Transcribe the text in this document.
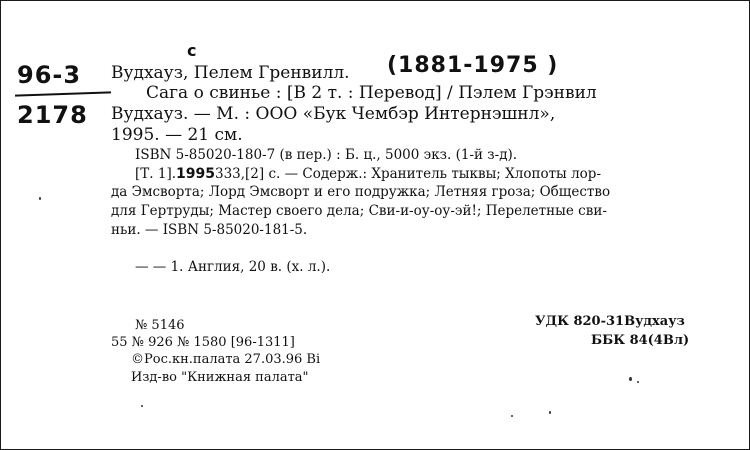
96-3
2178
c
(1881-1975 )
Вудхауз, Пелем Гренвилл.
Сага о свинье : [В 2 т. : Перевод] / Пэлем Грэнвил
Вудхауз. — М. : ООО «Бук Чембэр Интернэшнл»,
1995. — 21 см.
ISBN 5-85020-180-7 (в пер.) : Б. ц., 5000 экз. (1-й з-д).
[Т. 1].1995333,[2] с. — Содерж.: Хранитель тыквы; Хлопоты лор-
да Эмсворта; Лорд Эмсворт и его подружка; Летняя гроза; Общество
для Гертруды; Мастер своего дела; Сви-и-оу-оу-эй!; Перелетные сви-
ньи. — ISBN 5-85020-181-5.
— — 1. Англия, 20 в. (х. л.).
№ 5146
55 № 926 № 1580 [96-1311]
©Рос.кн.палата 27.03.96 Bi
Изд-во "Книжная палата"
УДК 820-31Вудхауз
ББК 84(4Вл)
